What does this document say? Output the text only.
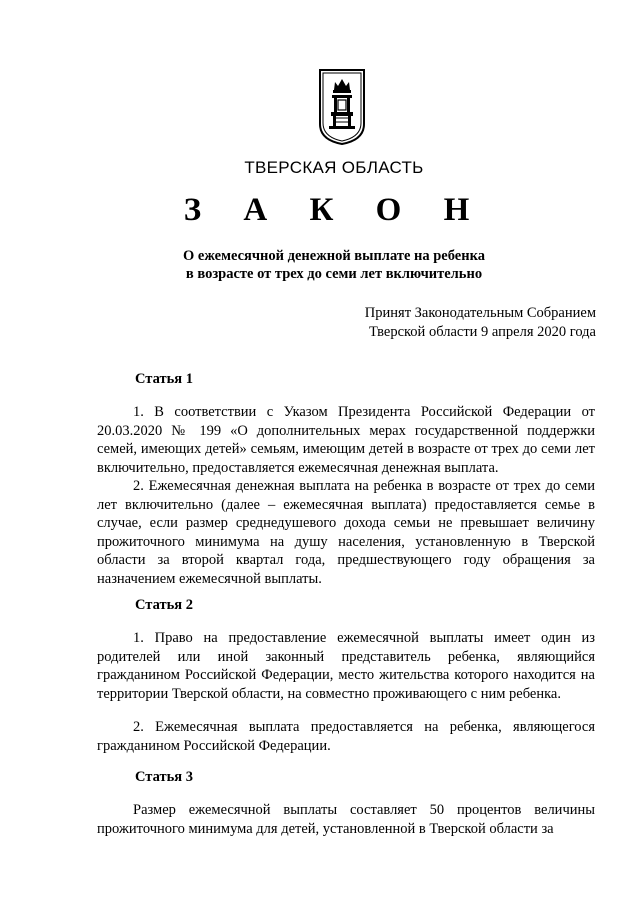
ТВЕРСКАЯ ОБЛАСТЬ
З А К О Н
О ежемесячной денежной выплате на ребенка
в возрасте от трех до семи лет включительно
Принят Законодательным Собранием
Тверской области 9 апреля 2020 года
Статья 1

1. В соответствии с Указом Президента Российской Федерации от 20.03.2020 № 199 «О дополнительных мерах государственной поддержки семей, имеющих детей» семьям, имеющим детей в возрасте от трех до семи лет включительно, предоставляется ежемесячная денежная выплата.

2. Ежемесячная денежная выплата на ребенка в возрасте от трех до семи лет включительно (далее – ежемесячная выплата) предоставляется семье в случае, если размер среднедушевого дохода семьи не превышает величину прожиточного минимума на душу населения, установленную в Тверской области за второй квартал года, предшествующего году обращения за назначением ежемесячной выплаты.

Статья 2

1. Право на предоставление ежемесячной выплаты имеет один из родителей или иной законный представитель ребенка, являющийся гражданином Российской Федерации, место жительства которого находится на территории Тверской области, на совместно проживающего с ним ребенка.

2. Ежемесячная выплата предоставляется на ребенка, являющегося гражданином Российской Федерации.

Статья 3

Размер ежемесячной выплаты составляет 50 процентов величины прожиточного минимума для детей, установленной в Тверской области за
